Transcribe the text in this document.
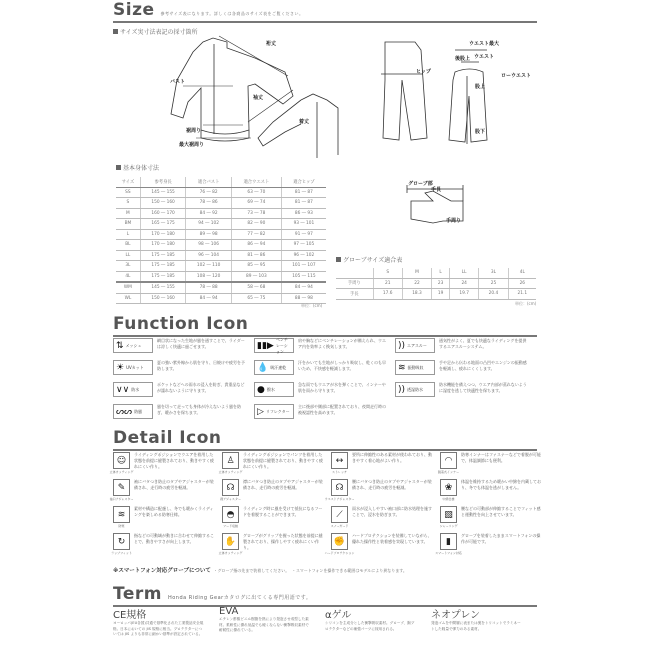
Size 参考サイズ表になります。詳しくは各商品のサイズ表をご覧ください。
サイズ実寸法表記の採寸箇所
裄丈
バスト
裾周り
最大裾周り
袖丈
着丈
後股上
ヒップ
ウエスト最大
ウエスト
ローウエスト
股上
股下
基本身体寸法
サイズ	参考身長	適合バスト	適合ウエスト	適合ヒップ
SS	145 ― 155	76 ― 82	63 ― 70	81 ― 87
S	150 ― 160	78 ― 86	69 ― 74	81 ― 87
M	160 ― 170	84 ― 92	73 ― 78	86 ― 93
BM	165 ― 175	94 ― 102	82 ― 90	93 ― 101
L	170 ― 180	89 ― 98	77 ― 82	91 ― 97
BL	170 ― 180	98 ― 106	86 ― 94	97 ― 105
LL	175 ― 185	96 ― 104	81 ― 86	96 ― 102
3L	175 ― 185	102 ― 110	85 ― 95	101 ― 107
4L	175 ― 185	108 ― 120	89 ― 103	105 ― 115
WM	145 ― 155	78 ― 88	58 ― 68	84 ― 94
WL	150 ― 160	84 ― 94	65 ― 75	88 ― 98
単位：(cm)
グローブ部
手長
手周り
グローブサイズ適合表
	S	M	L	LL	3L	4L
手周り	21	22	23	24	25	26
手長	17.6	18.3	19	19.7	20.4	21.1
単位：(cm)
Function Icon
⇅ メッシュ
網目状になった生地が風を通すことで、ライダーは涼しく快適に過ごせます。
☀ UVカット
夏の強い紫外線から肌を守り、日焼けや疲労を予防します。
∨∨ 防水
ポケットなどへの雨水の浸入を防ぎ、貴重品などが濡れないように守ります。
ᔕᔕ 防風
風を切って走っても身体が冷えないよう風を防ぎ、暖かさを保ちます。
▮▮▶
ベンチレーション
肩や胸などにベンチレーションが備えられ、ウエア内を効率よく換気します。
💧 吸汗速乾
汗をかいても生地がしっかり吸収し、乾くのも早いため、不快感を軽減します。
● 撥水
急な雨でもウエアが水を弾くことで、インナーや肌を雨から守ります。
▷ リフレクター
主に後部や側部に配置されており、夜間走行時の被視認性を高めます。
)) エアスルー
通気性がよく、夏でも快適なライディングを提供するエアスルーシステム。
≋ 振動吸収
手や足から伝わる地面の凸凹やエンジンの振動感を軽減し、疲れにくくします。
)) 透湿防水
防水機能を備えつつ、ウエア内部が蒸れないように湿度を逃して快適性を保ちます。
Detail Icon
☺
立体カッティング
ライディングポジションでウエアを着用した状態を前提に縫製されており、動きやすく疲れにくい作り。
♙
立体カッティング
ライディングポジションでパンツを着用した状態を前提に縫製されており、動きやすく疲れにくい作り。
↔
ストレッチ
要所に伸縮性のある素材が使われており、動きやすく着心地がよい作り。	◠
脱着式インナー
防寒インナーはファスナーなどで着脱が可能で、体温調節にも便利。
✎
袖口アジャスター
袖にバタつき防止のタブやアジャスターが装備され、走行時の疲労を軽減。	☊
襟アジャスター
襟にバタつき防止のタブやアジャスターが装備され、走行時の疲労を軽減。	☊
ウエストアジャスター
腰にバタつき防止のタブやアジャスターが装備され、走行時の疲労を軽減。	❀
中綿仕様
体温を維持するため暖かい中綿を内蔵しており、冬でも体温を逃がしません。
≋
防寒
素材や構造に配慮し、冬でも暖かくライディングを楽しめる防寒仕様。	◓
フード収納
ライディング時に風を受けて抵抗になるフードを着脱することができます。	⟋
スノーガード
雨水が浸入しやすい袖口部に防水処理を施すことで、浸水を防ぎます。	▧
シャーリング
腰などの可動部が伸縮することでフィット感と運動性を向上させています。
↻
ラップフィット
指などの可動域が動きに合わせて伸縮することで、動きやすさが向上します。	✋
立体カッティング
グローブがグリップを握った状態を前提に縫製されており、操作しやすく疲れにくい作り。
✊
ハードプロテクション
ハードプロテクションを装備していながら、優れた操作性と装着感を実現しています。	▮
スマートフォン対応
グローブを装着したままスマートフォンの操作が可能です。
※スマートフォン対応グローブについて ・グローブ指の先まで装着してください。 ・スマートフォンを操作できる範囲はモデルにより異なります。
Term Honda Riding Gearカタログに出てくる専門用語です。
CE規格
ヨーロッパ(EU各国)共通で基準化された工業製品安全規格。日本においての JIS 規格に相当。プロテクターについては JIS よりも非常に細かい基準が設定されている。
EVA
エチレン酢酸ビニル樹脂を熱により発泡させ成型した素材。柔軟性に優れ低温でも硬くならない衝撃吸収素材で耐候性に優れている。
αゲル
シリコンを主成分とした衝撃吸収素材。グローブ、胸プロテクターなどの補強パーツに採用される。
ネオプレン
発泡ゴムを中間層に表または裏をトリコットでラミネートした軽量で弾力のある素材。
